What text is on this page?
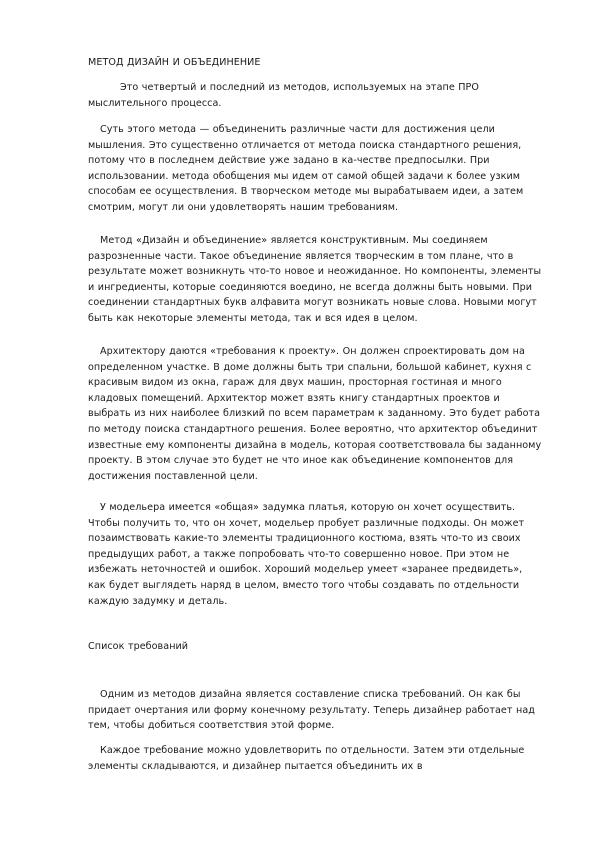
МЕТОД ДИЗАЙН И ОБЪЕДИНЕНИЕ

Это четвертый и последний из методов, используемых на этапе ПРО мыслительного процесса.

Суть этого метода — объединенить различные части для достижения цели мышления. Это существенно отличается от метода поиска стандартного решения, потому что в последнем действие уже задано в ка-честве предпосылки. При использовании. метода обобщения мы идем от самой общей задачи к более узким способам ее осуществления. В творческом методе мы вырабатываем идеи, а затем смотрим, могут ли они удовлетворять нашим требованиям.

Метод «Дизайн и объединение» является конструктивным. Мы соединяем разрозненные части. Такое объединение является творческим в том плане, что в результате может возникнуть что-то новое и неожиданное. Но компоненты, элементы и ингредиенты, которые соединяются воедино, не всегда должны быть новыми. При соединении стандартных букв алфавита могут возникать новые слова. Новыми могут быть как некоторые элементы метода, так и вся идея в целом.

Архитектору даются «требования к проекту». Он должен спроектировать дом на определенном участке. В доме должны быть три спальни, большой кабинет, кухня с красивым видом из окна, гараж для двух машин, просторная гостиная и много кладовых помещений. Архитектор может взять книгу стандартных проектов и выбрать из них наиболее близкий по всем параметрам к заданному. Это будет работа по методу поиска стандартного решения. Более вероятно, что архитектор объединит известные ему компоненты дизайна в модель, которая соответствовала бы заданному проекту. В этом случае это будет не что иное как объединение компонентов для достижения поставленной цели.

У модельера имеется «общая» задумка платья, которую он хочет осуществить. Чтобы получить то, что он хочет, модельер пробует различные подходы. Он может позаимствовать какие-то элементы традиционного костюма, взять что-то из своих предыдущих работ, а также попробовать что-то совершенно новое. При этом не избежать неточностей и ошибок. Хороший модельер умеет «заранее предвидеть», как будет выглядеть наряд в целом, вместо того чтобы создавать по отдельности каждую задумку и деталь.

Список требований

Одним из методов дизайна является составление списка требований. Он как бы придает очертания или форму конечному результату. Теперь дизайнер работает над тем, чтобы добиться соответствия этой форме.

Каждое требование можно удовлетворить по отдельности. Затем эти отдельные элементы складываются, и дизайнер пытается объединить их в
